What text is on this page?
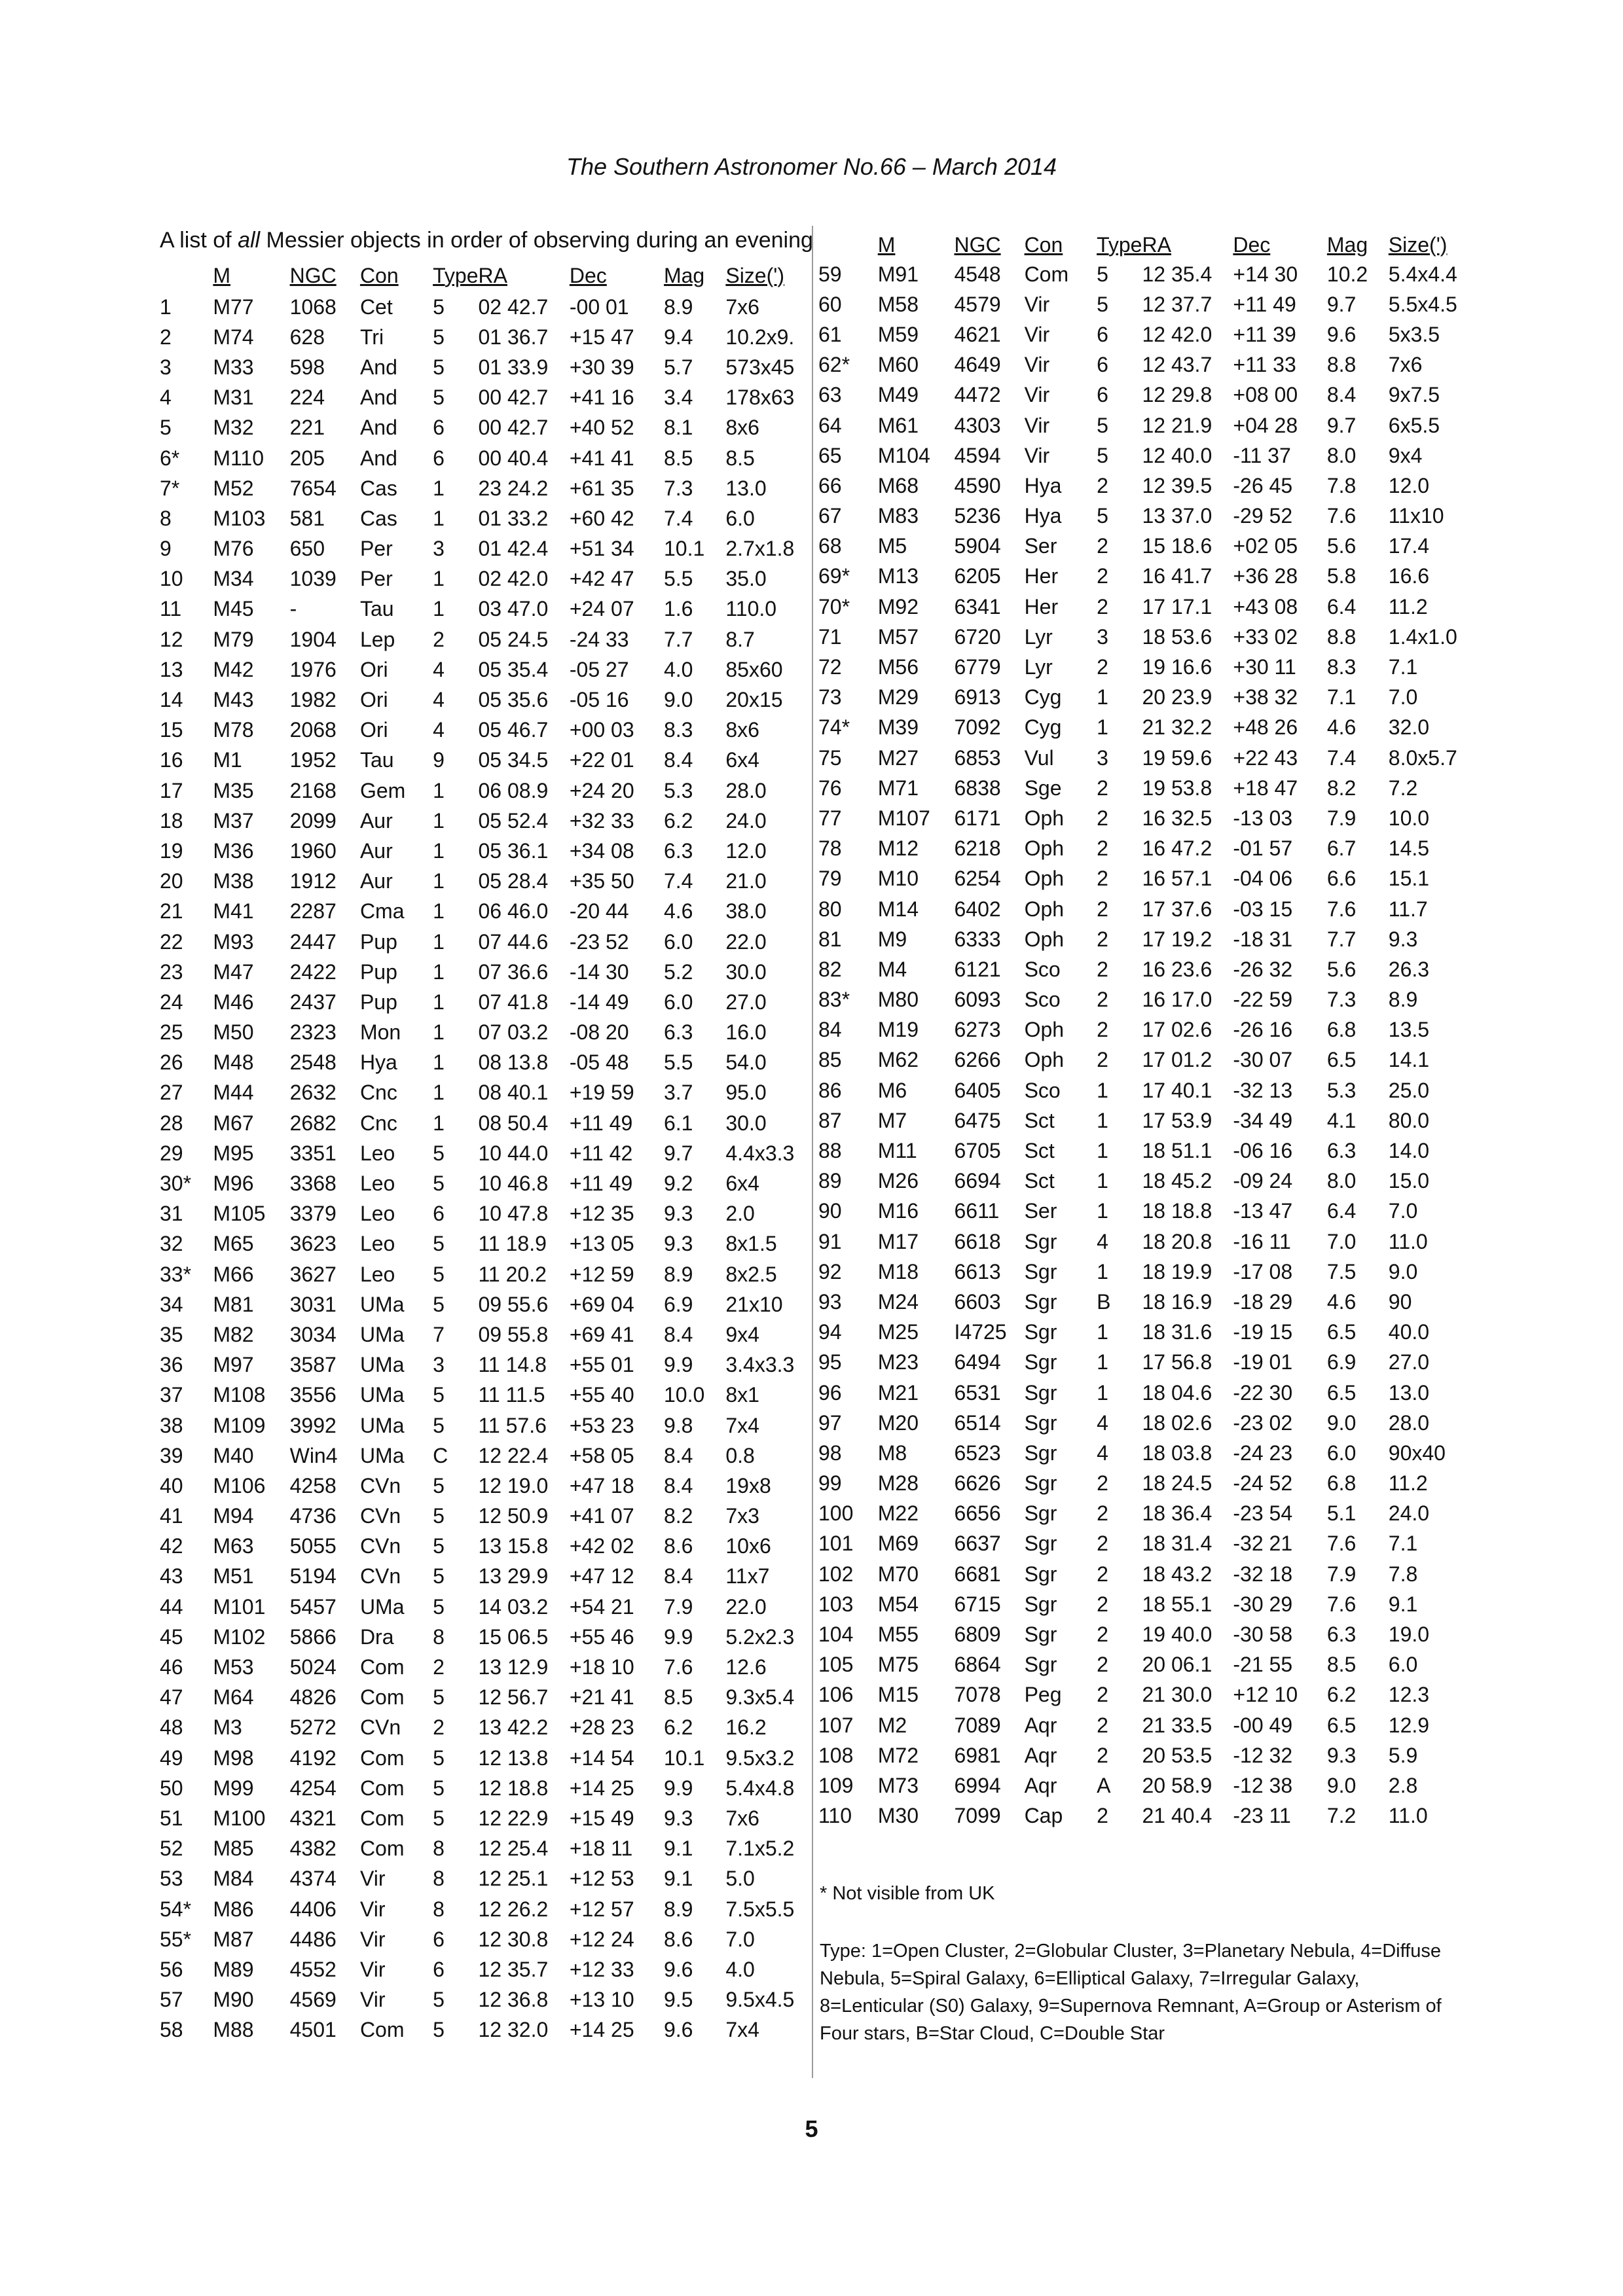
The Southern Astronomer No.66 – March 2014
A list of all Messier objects in order of observing during an evening
	M	NGC	Con	Type	RA	Dec	Mag	Size(')
1	M77	1068	Cet	5	02 42.7	-00 01	8.9	7x6
2	M74	628	Tri	5	01 36.7	+15 47	9.4	10.2x9.
3	M33	598	And	5	01 33.9	+30 39	5.7	573x45
4	M31	224	And	5	00 42.7	+41 16	3.4	178x63
5	M32	221	And	6	00 42.7	+40 52	8.1	8x6
6*	M110	205	And	6	00 40.4	+41 41	8.5	8.5
7*	M52	7654	Cas	1	23 24.2	+61 35	7.3	13.0
8	M103	581	Cas	1	01 33.2	+60 42	7.4	6.0
9	M76	650	Per	3	01 42.4	+51 34	10.1	2.7x1.8
10	M34	1039	Per	1	02 42.0	+42 47	5.5	35.0
11	M45	-	Tau	1	03 47.0	+24 07	1.6	110.0
12	M79	1904	Lep	2	05 24.5	-24 33	7.7	8.7
13	M42	1976	Ori	4	05 35.4	-05 27	4.0	85x60
14	M43	1982	Ori	4	05 35.6	-05 16	9.0	20x15
15	M78	2068	Ori	4	05 46.7	+00 03	8.3	8x6
16	M1	1952	Tau	9	05 34.5	+22 01	8.4	6x4
17	M35	2168	Gem	1	06 08.9	+24 20	5.3	28.0
18	M37	2099	Aur	1	05 52.4	+32 33	6.2	24.0
19	M36	1960	Aur	1	05 36.1	+34 08	6.3	12.0
20	M38	1912	Aur	1	05 28.4	+35 50	7.4	21.0
21	M41	2287	Cma	1	06 46.0	-20 44	4.6	38.0
22	M93	2447	Pup	1	07 44.6	-23 52	6.0	22.0
23	M47	2422	Pup	1	07 36.6	-14 30	5.2	30.0
24	M46	2437	Pup	1	07 41.8	-14 49	6.0	27.0
25	M50	2323	Mon	1	07 03.2	-08 20	6.3	16.0
26	M48	2548	Hya	1	08 13.8	-05 48	5.5	54.0
27	M44	2632	Cnc	1	08 40.1	+19 59	3.7	95.0
28	M67	2682	Cnc	1	08 50.4	+11 49	6.1	30.0
29	M95	3351	Leo	5	10 44.0	+11 42	9.7	4.4x3.3
30*	M96	3368	Leo	5	10 46.8	+11 49	9.2	6x4
31	M105	3379	Leo	6	10 47.8	+12 35	9.3	2.0
32	M65	3623	Leo	5	11 18.9	+13 05	9.3	8x1.5
33*	M66	3627	Leo	5	11 20.2	+12 59	8.9	8x2.5
34	M81	3031	UMa	5	09 55.6	+69 04	6.9	21x10
35	M82	3034	UMa	7	09 55.8	+69 41	8.4	9x4
36	M97	3587	UMa	3	11 14.8	+55 01	9.9	3.4x3.3
37	M108	3556	UMa	5	11 11.5	+55 40	10.0	8x1
38	M109	3992	UMa	5	11 57.6	+53 23	9.8	7x4
39	M40	Win4	UMa	C	12 22.4	+58 05	8.4	0.8
40	M106	4258	CVn	5	12 19.0	+47 18	8.4	19x8
41	M94	4736	CVn	5	12 50.9	+41 07	8.2	7x3
42	M63	5055	CVn	5	13 15.8	+42 02	8.6	10x6
43	M51	5194	CVn	5	13 29.9	+47 12	8.4	11x7
44	M101	5457	UMa	5	14 03.2	+54 21	7.9	22.0
45	M102	5866	Dra	8	15 06.5	+55 46	9.9	5.2x2.3
46	M53	5024	Com	2	13 12.9	+18 10	7.6	12.6
47	M64	4826	Com	5	12 56.7	+21 41	8.5	9.3x5.4
48	M3	5272	CVn	2	13 42.2	+28 23	6.2	16.2
49	M98	4192	Com	5	12 13.8	+14 54	10.1	9.5x3.2
50	M99	4254	Com	5	12 18.8	+14 25	9.9	5.4x4.8
51	M100	4321	Com	5	12 22.9	+15 49	9.3	7x6
52	M85	4382	Com	8	12 25.4	+18 11	9.1	7.1x5.2
53	M84	4374	Vir	8	12 25.1	+12 53	9.1	5.0
54*	M86	4406	Vir	8	12 26.2	+12 57	8.9	7.5x5.5
55*	M87	4486	Vir	6	12 30.8	+12 24	8.6	7.0
56	M89	4552	Vir	6	12 35.7	+12 33	9.6	4.0
57	M90	4569	Vir	5	12 36.8	+13 10	9.5	9.5x4.5
58	M88	4501	Com	5	12 32.0	+14 25	9.6	7x4
	M	NGC	Con	Type	RA	Dec	Mag	Size(')
59	M91	4548	Com	5	12 35.4	+14 30	10.2	5.4x4.4
60	M58	4579	Vir	5	12 37.7	+11 49	9.7	5.5x4.5
61	M59	4621	Vir	6	12 42.0	+11 39	9.6	5x3.5
62*	M60	4649	Vir	6	12 43.7	+11 33	8.8	7x6
63	M49	4472	Vir	6	12 29.8	+08 00	8.4	9x7.5
64	M61	4303	Vir	5	12 21.9	+04 28	9.7	6x5.5
65	M104	4594	Vir	5	12 40.0	-11 37	8.0	9x4
66	M68	4590	Hya	2	12 39.5	-26 45	7.8	12.0
67	M83	5236	Hya	5	13 37.0	-29 52	7.6	11x10
68	M5	5904	Ser	2	15 18.6	+02 05	5.6	17.4
69*	M13	6205	Her	2	16 41.7	+36 28	5.8	16.6
70*	M92	6341	Her	2	17 17.1	+43 08	6.4	11.2
71	M57	6720	Lyr	3	18 53.6	+33 02	8.8	1.4x1.0
72	M56	6779	Lyr	2	19 16.6	+30 11	8.3	7.1
73	M29	6913	Cyg	1	20 23.9	+38 32	7.1	7.0
74*	M39	7092	Cyg	1	21 32.2	+48 26	4.6	32.0
75	M27	6853	Vul	3	19 59.6	+22 43	7.4	8.0x5.7
76	M71	6838	Sge	2	19 53.8	+18 47	8.2	7.2
77	M107	6171	Oph	2	16 32.5	-13 03	7.9	10.0
78	M12	6218	Oph	2	16 47.2	-01 57	6.7	14.5
79	M10	6254	Oph	2	16 57.1	-04 06	6.6	15.1
80	M14	6402	Oph	2	17 37.6	-03 15	7.6	11.7
81	M9	6333	Oph	2	17 19.2	-18 31	7.7	9.3
82	M4	6121	Sco	2	16 23.6	-26 32	5.6	26.3
83*	M80	6093	Sco	2	16 17.0	-22 59	7.3	8.9
84	M19	6273	Oph	2	17 02.6	-26 16	6.8	13.5
85	M62	6266	Oph	2	17 01.2	-30 07	6.5	14.1
86	M6	6405	Sco	1	17 40.1	-32 13	5.3	25.0
87	M7	6475	Sct	1	17 53.9	-34 49	4.1	80.0
88	M11	6705	Sct	1	18 51.1	-06 16	6.3	14.0
89	M26	6694	Sct	1	18 45.2	-09 24	8.0	15.0
90	M16	6611	Ser	1	18 18.8	-13 47	6.4	7.0
91	M17	6618	Sgr	4	18 20.8	-16 11	7.0	11.0
92	M18	6613	Sgr	1	18 19.9	-17 08	7.5	9.0
93	M24	6603	Sgr	B	18 16.9	-18 29	4.6	90
94	M25	I4725	Sgr	1	18 31.6	-19 15	6.5	40.0
95	M23	6494	Sgr	1	17 56.8	-19 01	6.9	27.0
96	M21	6531	Sgr	1	18 04.6	-22 30	6.5	13.0
97	M20	6514	Sgr	4	18 02.6	-23 02	9.0	28.0
98	M8	6523	Sgr	4	18 03.8	-24 23	6.0	90x40
99	M28	6626	Sgr	2	18 24.5	-24 52	6.8	11.2
100	M22	6656	Sgr	2	18 36.4	-23 54	5.1	24.0
101	M69	6637	Sgr	2	18 31.4	-32 21	7.6	7.1
102	M70	6681	Sgr	2	18 43.2	-32 18	7.9	7.8
103	M54	6715	Sgr	2	18 55.1	-30 29	7.6	9.1
104	M55	6809	Sgr	2	19 40.0	-30 58	6.3	19.0
105	M75	6864	Sgr	2	20 06.1	-21 55	8.5	6.0
106	M15	7078	Peg	2	21 30.0	+12 10	6.2	12.3
107	M2	7089	Aqr	2	21 33.5	-00 49	6.5	12.9
108	M72	6981	Aqr	2	20 53.5	-12 32	9.3	5.9
109	M73	6994	Aqr	A	20 58.9	-12 38	9.0	2.8
110	M30	7099	Cap	2	21 40.4	-23 11	7.2	11.0
* Not visible from UK
Type: 1=Open Cluster, 2=Globular Cluster, 3=Planetary Nebula, 4=Diffuse Nebula, 5=Spiral Galaxy, 6=Elliptical Galaxy, 7=Irregular Galaxy, 8=Lenticular (S0) Galaxy, 9=Supernova Remnant, A=Group or Asterism of Four stars, B=Star Cloud, C=Double Star
5
